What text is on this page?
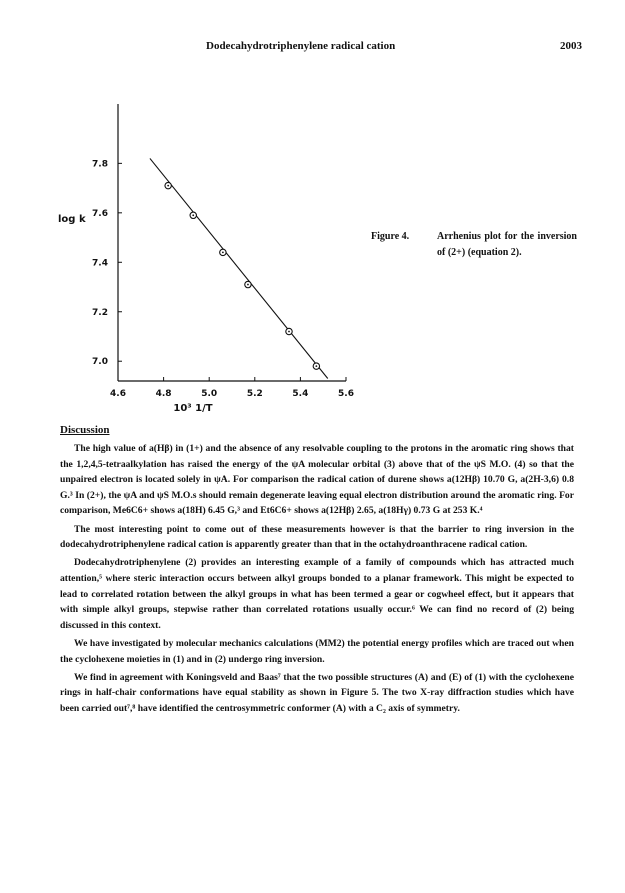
Dodecahydrotriphenylene radical cation	2003
4.6	4.8	5.0	5.2	5.4	5.6
7.8
7.6
7.4
7.2
7.0
10³ 1/T
log k
Figure 4.	Arrhenius plot for the inversion of (2+) (equation 2).
Discussion

The high value of a(Hβ) in (1+) and the absence of any resolvable coupling to the protons in the aromatic ring shows that the 1,2,4,5-tetraalkylation has raised the energy of the ψA molecular orbital (3) above that of the ψS M.O. (4) so that the unpaired electron is located solely in ψA. For comparison the radical cation of durene shows a(12Hβ) 10.70 G, a(2H-3,6) 0.8 G.³ In (2+), the ψA and ψS M.O.s should remain degenerate leaving equal electron distribution around the aromatic ring. For comparison, Me6C6+ shows a(18H) 6.45 G,³ and Et6C6+ shows a(12Hβ) 2.65, a(18Hγ) 0.73 G at 253 K.⁴

The most interesting point to come out of these measurements however is that the barrier to ring inversion in the dodecahydrotriphenylene radical cation is apparently greater than that in the octahydroanthracene radical cation.

Dodecahydrotriphenylene (2) provides an interesting example of a family of compounds which has attracted much attention,⁵ where steric interaction occurs between alkyl groups bonded to a planar framework. This might be expected to lead to correlated rotation between the alkyl groups in what has been termed a gear or cogwheel effect, but it appears that with simple alkyl groups, stepwise rather than correlated rotations usually occur.⁶ We can find no record of (2) being discussed in this context.

We have investigated by molecular mechanics calculations (MM2) the potential energy profiles which are traced out when the cyclohexene moieties in (1) and in (2) undergo ring inversion.

We find in agreement with Koningsveld and Baas⁷ that the two possible structures (A) and (E) of (1) with the cyclohexene rings in half-chair conformations have equal stability as shown in Figure 5. The two X-ray diffraction studies which have been carried out⁷,⁸ have identified the centrosymmetric conformer (A) with a C₂ axis of symmetry.
